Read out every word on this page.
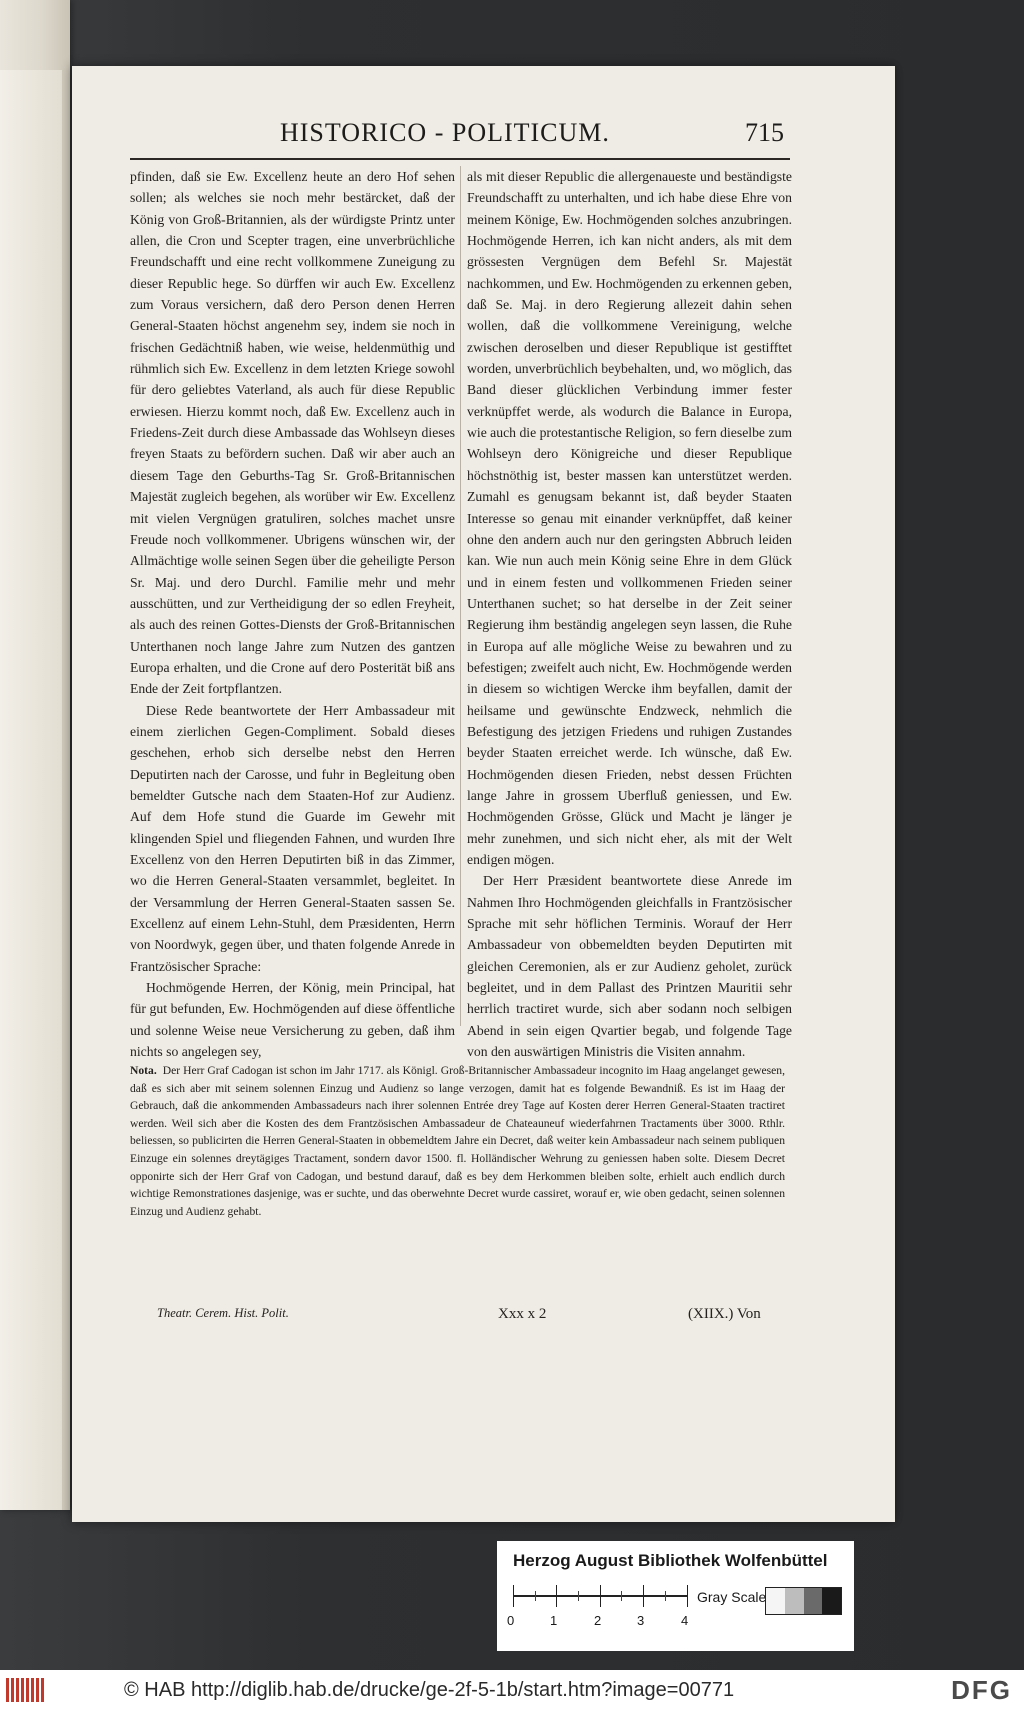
HISTORICO - POLITICUM.	715

pfinden, daß sie Ew. Excellenz heute an dero Hof sehen sollen; als welches sie noch mehr bestärcket, daß der König von Groß-Britannien, als der würdigste Printz unter allen, die Cron und Scepter tragen, eine unverbrüchliche Freundschafft und eine recht vollkommene Zuneigung zu dieser Republic hege. So dürffen wir auch Ew. Excellenz zum Voraus versichern, daß dero Person denen Herren General-Staaten höchst angenehm sey, indem sie noch in frischen Gedächtniß haben, wie weise, heldenmüthig und rühmlich sich Ew. Excellenz in dem letzten Kriege sowohl für dero geliebtes Vaterland, als auch für diese Republic erwiesen. Hierzu kommt noch, daß Ew. Excellenz auch in Friedens-Zeit durch diese Ambassade das Wohlseyn dieses freyen Staats zu befördern suchen. Daß wir aber auch an diesem Tage den Geburths-Tag Sr. Groß-Britannischen Majestät zugleich begehen, als worüber wir Ew. Excellenz mit vielen Vergnügen gratuliren, solches machet unsre Freude noch vollkommener. Ubrigens wünschen wir, der Allmächtige wolle seinen Segen über die geheiligte Person Sr. Maj. und dero Durchl. Familie mehr und mehr ausschütten, und zur Vertheidigung der so edlen Freyheit, als auch des reinen Gottes-Diensts der Groß-Britannischen Unterthanen noch lange Jahre zum Nutzen des gantzen Europa erhalten, und die Crone auf dero Posterität biß ans Ende der Zeit fortpflantzen.

Diese Rede beantwortete der Herr Ambassadeur mit einem zierlichen Gegen-Compliment. Sobald dieses geschehen, erhob sich derselbe nebst den Herren Deputirten nach der Carosse, und fuhr in Begleitung oben bemeldter Gutsche nach dem Staaten-Hof zur Audienz. Auf dem Hofe stund die Guarde im Gewehr mit klingenden Spiel und fliegenden Fahnen, und wurden Ihre Excellenz von den Herren Deputirten biß in das Zimmer, wo die Herren General-Staaten versammlet, begleitet. In der Versammlung der Herren General-Staaten sassen Se. Excellenz auf einem Lehn-Stuhl, dem Præsidenten, Herrn von Noordwyk, gegen über, und thaten folgende Anrede in Frantzösischer Sprache:

Hochmögende Herren, der König, mein Principal, hat für gut befunden, Ew. Hochmögenden auf diese öffentliche und solenne Weise neue Versicherung zu geben, daß ihm nichts so angelegen sey,

als mit dieser Republic die allergenaueste und beständigste Freundschafft zu unterhalten, und ich habe diese Ehre von meinem Könige, Ew. Hochmögenden solches anzubringen. Hochmögende Herren, ich kan nicht anders, als mit dem grössesten Vergnügen dem Befehl Sr. Majestät nachkommen, und Ew. Hochmögenden zu erkennen geben, daß Se. Maj. in dero Regierung allezeit dahin sehen wollen, daß die vollkommene Vereinigung, welche zwischen deroselben und dieser Republique ist gestifftet worden, unverbrüchlich beybehalten, und, wo möglich, das Band dieser glücklichen Verbindung immer fester verknüpffet werde, als wodurch die Balance in Europa, wie auch die protestantische Religion, so fern dieselbe zum Wohlseyn dero Königreiche und dieser Republique höchstnöthig ist, bester massen kan unterstützet werden. Zumahl es genugsam bekannt ist, daß beyder Staaten Interesse so genau mit einander verknüpffet, daß keiner ohne den andern auch nur den geringsten Abbruch leiden kan. Wie nun auch mein König seine Ehre in dem Glück und in einem festen und vollkommenen Frieden seiner Unterthanen suchet; so hat derselbe in der Zeit seiner Regierung ihm beständig angelegen seyn lassen, die Ruhe in Europa auf alle mögliche Weise zu bewahren und zu befestigen; zweifelt auch nicht, Ew. Hochmögende werden in diesem so wichtigen Wercke ihm beyfallen, damit der heilsame und gewünschte Endzweck, nehmlich die Befestigung des jetzigen Friedens und ruhigen Zustandes beyder Staaten erreichet werde. Ich wünsche, daß Ew. Hochmögenden diesen Frieden, nebst dessen Früchten lange Jahre in grossem Uberfluß geniessen, und Ew. Hochmögenden Grösse, Glück und Macht je länger je mehr zunehmen, und sich nicht eher, als mit der Welt endigen mögen.

Der Herr Præsident beantwortete diese Anrede im Nahmen Ihro Hochmögenden gleichfalls in Frantzösischer Sprache mit sehr höflichen Terminis. Worauf der Herr Ambassadeur von obbemeldten beyden Deputirten mit gleichen Ceremonien, als er zur Audienz geholet, zurück begleitet, und in dem Pallast des Printzen Mauritii sehr herrlich tractiret wurde, sich aber sodann noch selbigen Abend in sein eigen Qvartier begab, und folgende Tage von den auswärtigen Ministris die Visiten annahm.

Nota. Der Herr Graf Cadogan ist schon im Jahr 1717. als Königl. Groß-Britannischer Ambassadeur incognito im Haag angelanget gewesen, daß es sich aber mit seinem solennen Einzug und Audienz so lange verzogen, damit hat es folgende Bewandniß. Es ist im Haag der Gebrauch, daß die ankommenden Ambassadeurs nach ihrer solennen Entrée drey Tage auf Kosten derer Herren General-Staaten tractiret werden. Weil sich aber die Kosten des dem Frantzösischen Ambassadeur de Chateauneuf wiederfahrnen Tractaments über 3000. Rthlr. beliessen, so publicirten die Herren General-Staaten in obbemeldtem Jahre ein Decret, daß weiter kein Ambassadeur nach seinem publiquen Einzuge ein solennes dreytägiges Tractament, sondern davor 1500. fl. Holländischer Wehrung zu geniessen haben solte. Diesem Decret opponirte sich der Herr Graf von Cadogan, und bestund darauf, daß es bey dem Herkommen bleiben solte, erhielt auch endlich durch wichtige Remonstrationes dasjenige, was er suchte, und das oberwehnte Decret wurde cassiret, worauf er, wie oben gedacht, seinen solennen Einzug und Audienz gehabt.
Theatr. Cerem. Hist. Polit.	Xxx x 2	(XIIX.) Von
Herzog August Bibliothek Wolfenbüttel
0	1	2	3	4
Gray Scale
© HAB http://diglib.hab.de/drucke/ge-2f-5-1b/start.htm?image=00771	DFG
